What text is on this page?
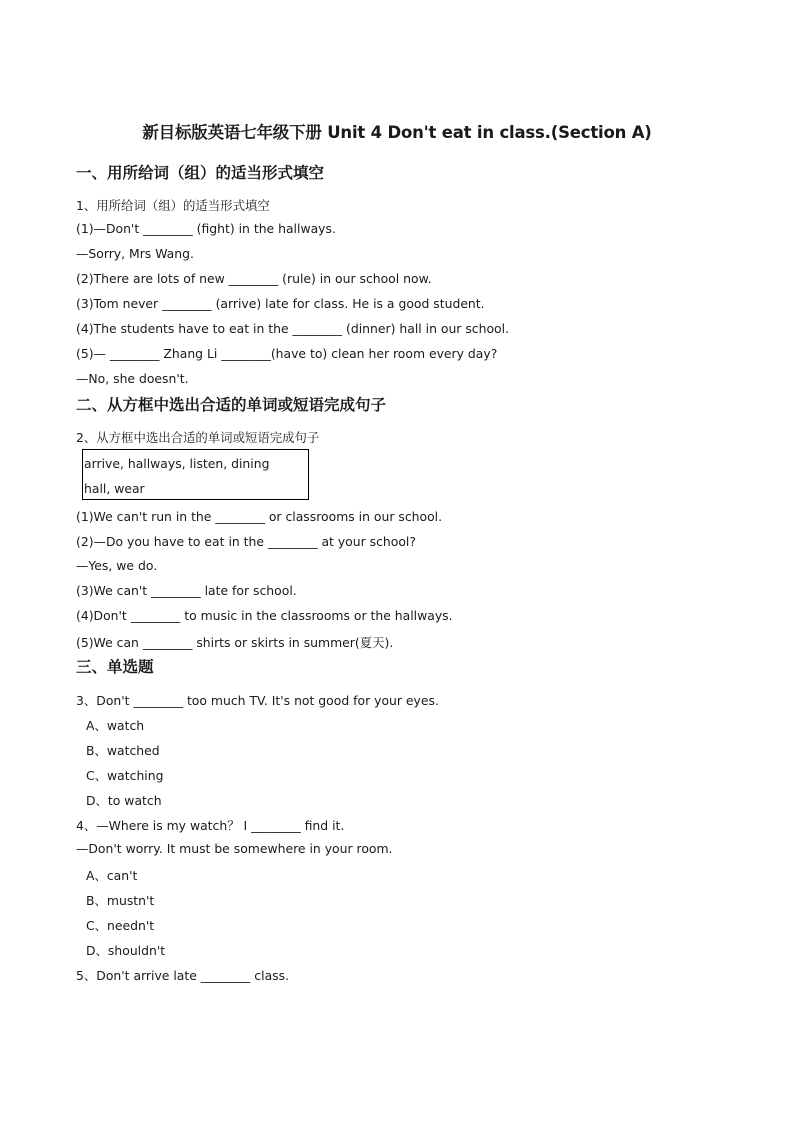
新目标版英语七年级下册 Unit 4 Don't eat in class.(Section A)
一、用所给词（组）的适当形式填空
1、用所给词（组）的适当形式填空
(1)—Don't ________ (fight) in the hallways.
—Sorry, Mrs Wang.
(2)There are lots of new ________ (rule) in our school now.
(3)Tom never ________ (arrive) late for class. He is a good student.
(4)The students have to eat in the ________ (dinner) hall in our school.
(5)— ________ Zhang Li ________(have to) clean her room every day?
—No, she doesn't.
二、从方框中选出合适的单词或短语完成句子
2、从方框中选出合适的单词或短语完成句子
arrive, hallways, listen, dining
hall, wear
(1)We can't run in the ________ or classrooms in our school.
(2)—Do you have to eat in the ________ at your school?
—Yes, we do.
(3)We can't ________ late for school.
(4)Don't ________ to music in the classrooms or the hallways.
(5)We can ________ shirts or skirts in summer(夏天).
三、单选题
3、Don't ________ too much TV. It's not good for your eyes.
A、watch
B、watched
C、watching
D、to watch
4、—Where is my watch？ I ________ find it.
—Don't worry. It must be somewhere in your room.
A、can't
B、mustn't
C、needn't
D、shouldn't
5、Don't arrive late ________ class.
